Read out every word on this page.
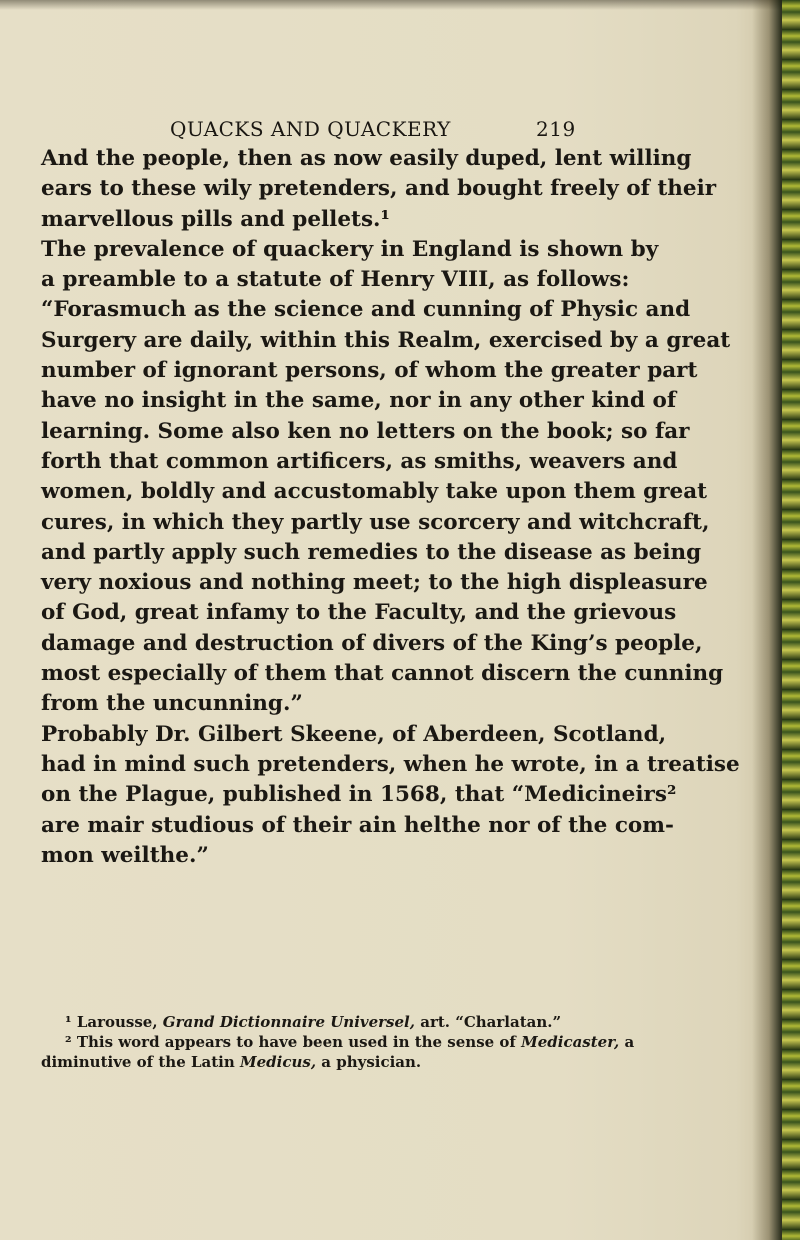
QUACKS AND QUACKERY	219
And the people, then as now easily duped, lent willing
ears to these wily pretenders, and bought freely of their
marvellous pills and pellets.¹
The prevalence of quackery in England is shown by
a preamble to a statute of Henry VIII, as follows:
“Forasmuch as the science and cunning of Physic and
Surgery are daily, within this Realm, exercised by a great
number of ignorant persons, of whom the greater part
have no insight in the same, nor in any other kind of
learning. Some also ken no letters on the book; so far
forth that common artificers, as smiths, weavers and
women, boldly and accustomably take upon them great
cures, in which they partly use scorcery and witchcraft,
and partly apply such remedies to the disease as being
very noxious and nothing meet; to the high displeasure
of God, great infamy to the Faculty, and the grievous
damage and destruction of divers of the King’s people,
most especially of them that cannot discern the cunning
from the uncunning.”
Probably Dr. Gilbert Skeene, of Aberdeen, Scotland,
had in mind such pretenders, when he wrote, in a treatise
on the Plague, published in 1568, that “Medicineirs²
are mair studious of their ain helthe nor of the com-
mon weilthe.”
¹ Larousse, Grand Dictionnaire Universel, art. “Charlatan.”
² This word appears to have been used in the sense of Medicaster, a
diminutive of the Latin Medicus, a physician.
